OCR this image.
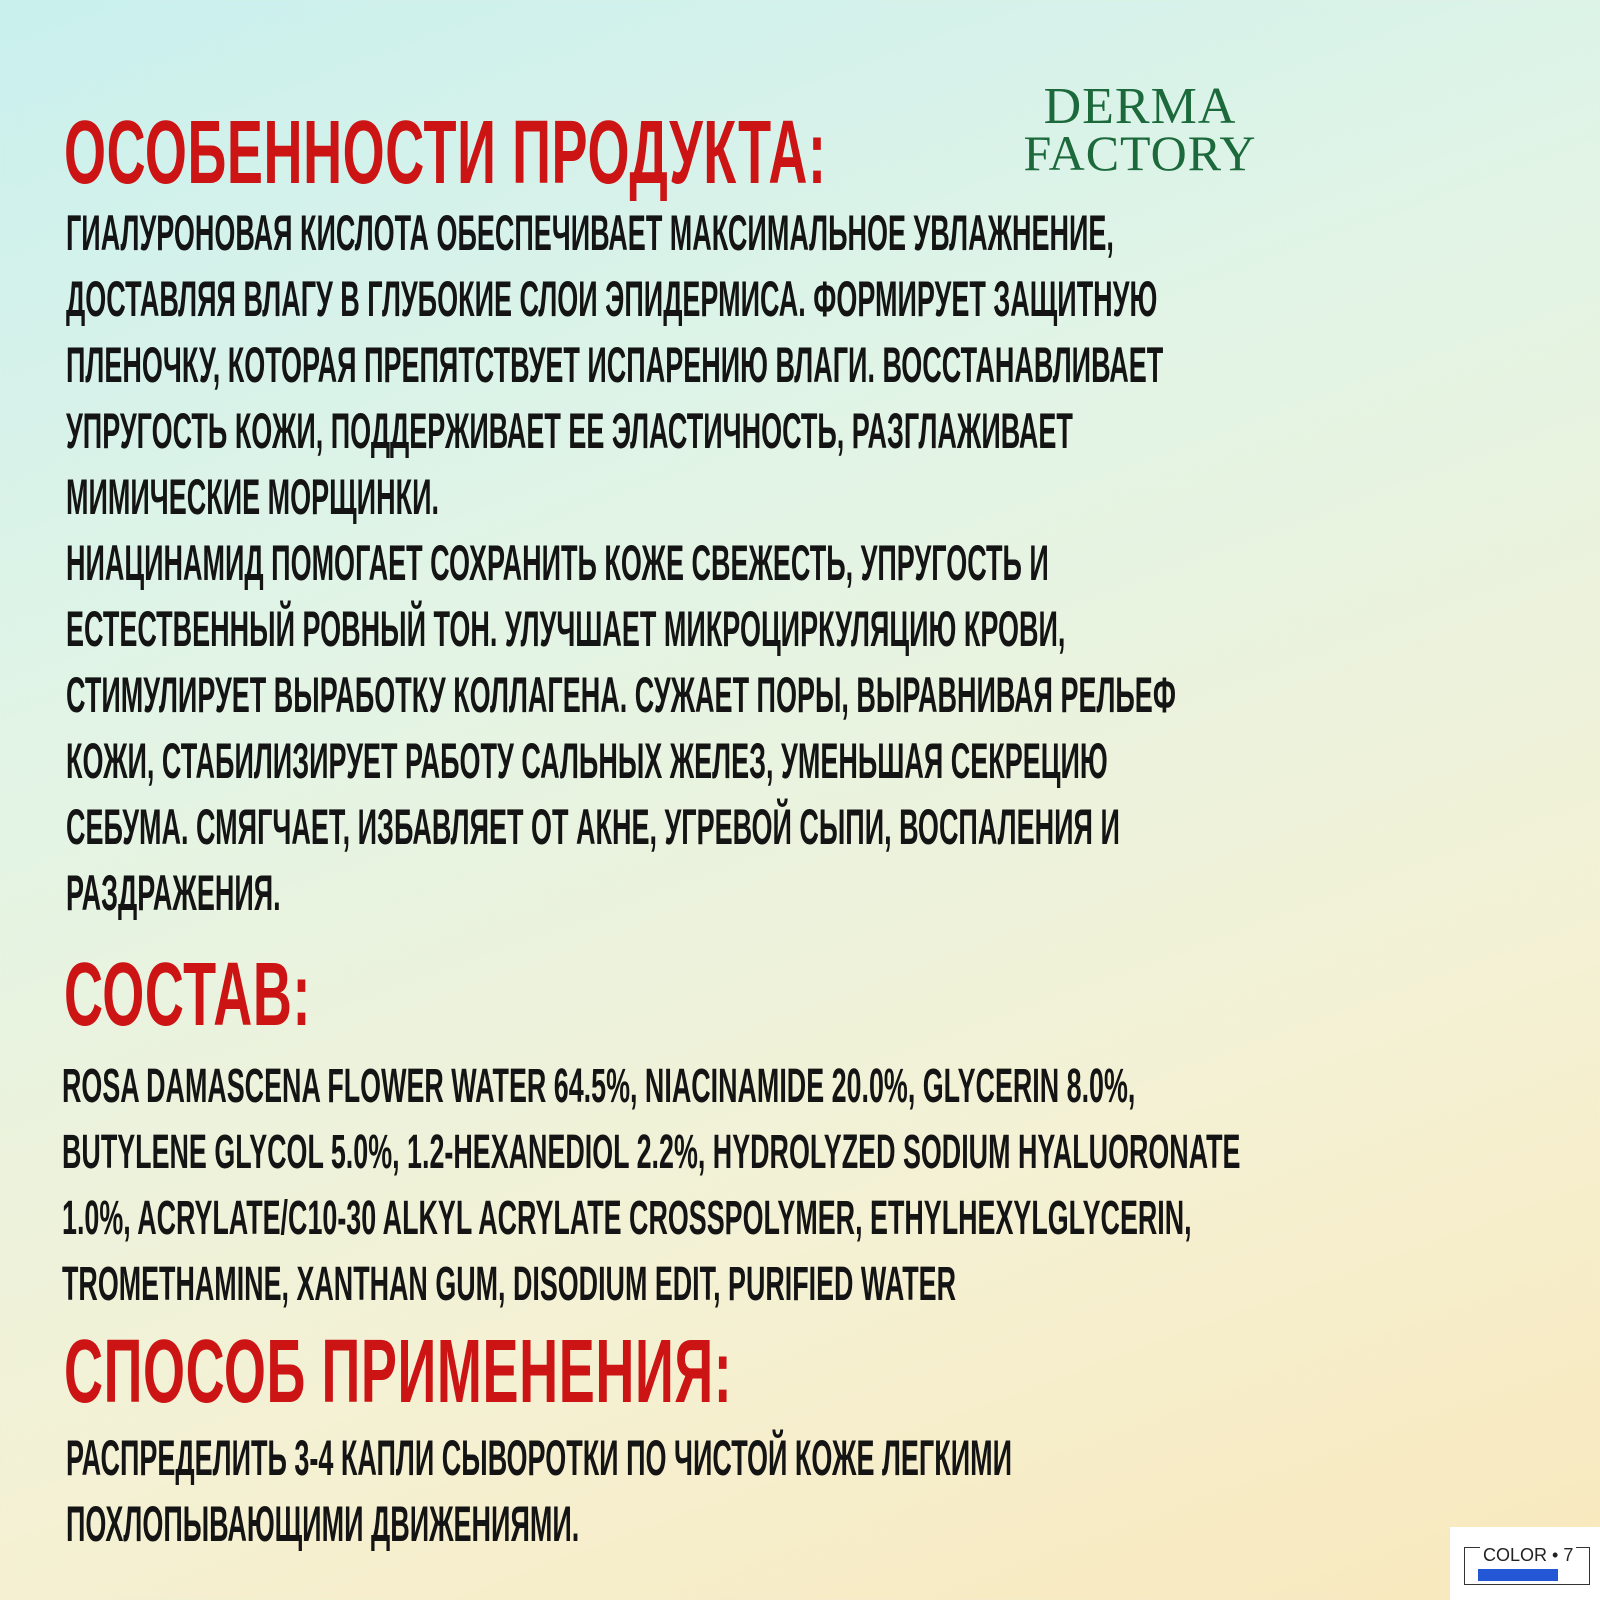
DERMA
FACTORY
ОСОБЕННОСТИ ПРОДУКТА:
ГИАЛУРОНОВАЯ КИСЛОТА ОБЕСПЕЧИВАЕТ МАКСИМАЛЬНОЕ УВЛАЖНЕНИЕ,
ДОСТАВЛЯЯ ВЛАГУ В ГЛУБОКИЕ СЛОИ ЭПИДЕРМИСА. ФОРМИРУЕТ ЗАЩИТНУЮ
ПЛЕНОЧКУ, КОТОРАЯ ПРЕПЯТСТВУЕТ ИСПАРЕНИЮ ВЛАГИ. ВОССТАНАВЛИВАЕТ
УПРУГОСТЬ КОЖИ, ПОДДЕРЖИВАЕТ ЕЕ ЭЛАСТИЧНОСТЬ, РАЗГЛАЖИВАЕТ
МИМИЧЕСКИЕ МОРЩИНКИ.
НИАЦИНАМИД ПОМОГАЕТ СОХРАНИТЬ КОЖЕ СВЕЖЕСТЬ, УПРУГОСТЬ И
ЕСТЕСТВЕННЫЙ РОВНЫЙ ТОН. УЛУЧШАЕТ МИКРОЦИРКУЛЯЦИЮ КРОВИ,
СТИМУЛИРУЕТ ВЫРАБОТКУ КОЛЛАГЕНА. СУЖАЕТ ПОРЫ, ВЫРАВНИВАЯ РЕЛЬЕФ
КОЖИ, СТАБИЛИЗИРУЕТ РАБОТУ САЛЬНЫХ ЖЕЛЕЗ, УМЕНЬШАЯ СЕКРЕЦИЮ
СЕБУМА. СМЯГЧАЕТ, ИЗБАВЛЯЕТ ОТ АКНЕ, УГРЕВОЙ СЫПИ, ВОСПАЛЕНИЯ И
РАЗДРАЖЕНИЯ.
СОСТАВ:
ROSA DAMASCENA FLOWER WATER 64.5%, NIACINAMIDE 20.0%, GLYCERIN 8.0%,
BUTYLENE GLYCOL 5.0%, 1.2-HEXANEDIOL 2.2%, HYDROLYZED SODIUM HYALUORONATE
1.0%, ACRYLATE/C10-30 ALKYL ACRYLATE CROSSPOLYMER, ETHYLHEXYLGLYCERIN,
TROMETHAMINE, XANTHAN GUM, DISODIUM EDIT, PURIFIED WATER
СПОСОБ ПРИМЕНЕНИЯ:
РАСПРЕДЕЛИТЬ 3-4 КАПЛИ СЫВОРОТКИ ПО ЧИСТОЙ КОЖЕ ЛЕГКИМИ
ПОХЛОПЫВАЮЩИМИ ДВИЖЕНИЯМИ.
COLOR • 7
